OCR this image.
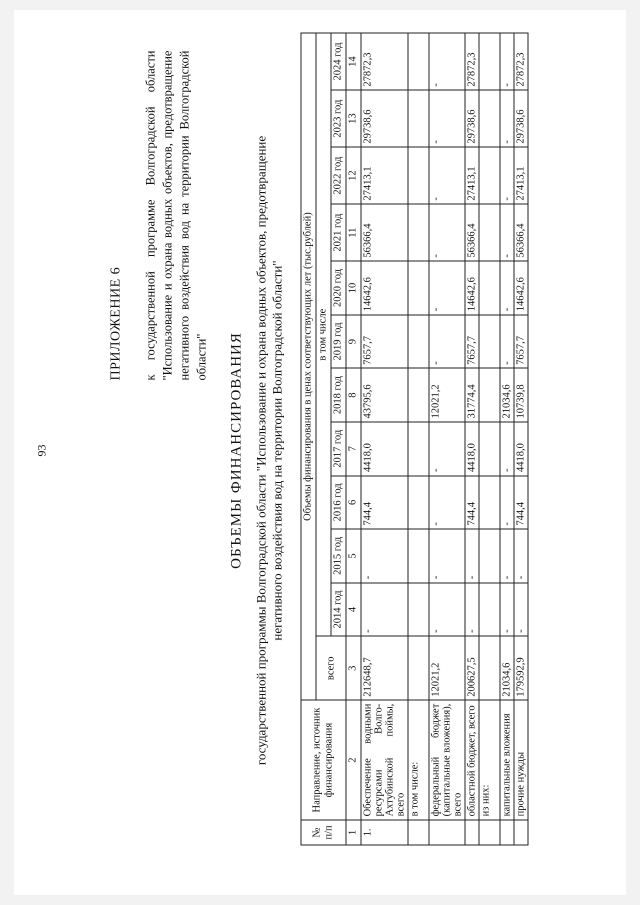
93
ПРИЛОЖЕНИЕ 6 к государственной программе Волгоградской области "Использование и охрана водных объектов, предотвращение негативного воздействия вод на территории Волгоградской области" ОБЪЕМЫ ФИНАНСИРОВАНИЯ государственной программы Волгоградской области "Использование и охрана водных объектов, предотвращение негативного воздействия вод на территории Волгоградской области"
№ п/п	Направление, источник финансирования	Объемы финансирования в ценах соответствующих лет (тыс.рублей)											
		всего	в том числе										
			2014 год	2015 год	2016 год	2017 год	2018 год	2019 год	2020 год	2021 год	2022 год	2023 год	2024 год
1	2	3	4	5	6	7	8	9	10	11	12	13	14
1.	Обеспечение водными ресурсами Волго-Ахтубинской поймы, всего	212648,7	-	-	744,4	4418,0	43795,6	7657,7	14642,6	56366,4	27413,1	29738,6	27872,3
	в том числе:												
	федеральный бюджет (капитальные вложения), всего	12021,2	-	-	-	-	12021,2	-	-	-	-	-	-
	областной бюджет, всего	200627,5	-	-	744,4	4418,0	31774,4	7657,7	14642,6	56366,4	27413,1	29738,6	27872,3
	из них:												
	капитальные вложения	21034,6	-	-	-	-	21034,6	-	-	-	-	-	-
	прочие нужды	179592,9	-	-	744,4	4418,0	10739,8	7657,7	14642,6	56366,4	27413,1	29738,6	27872,3
